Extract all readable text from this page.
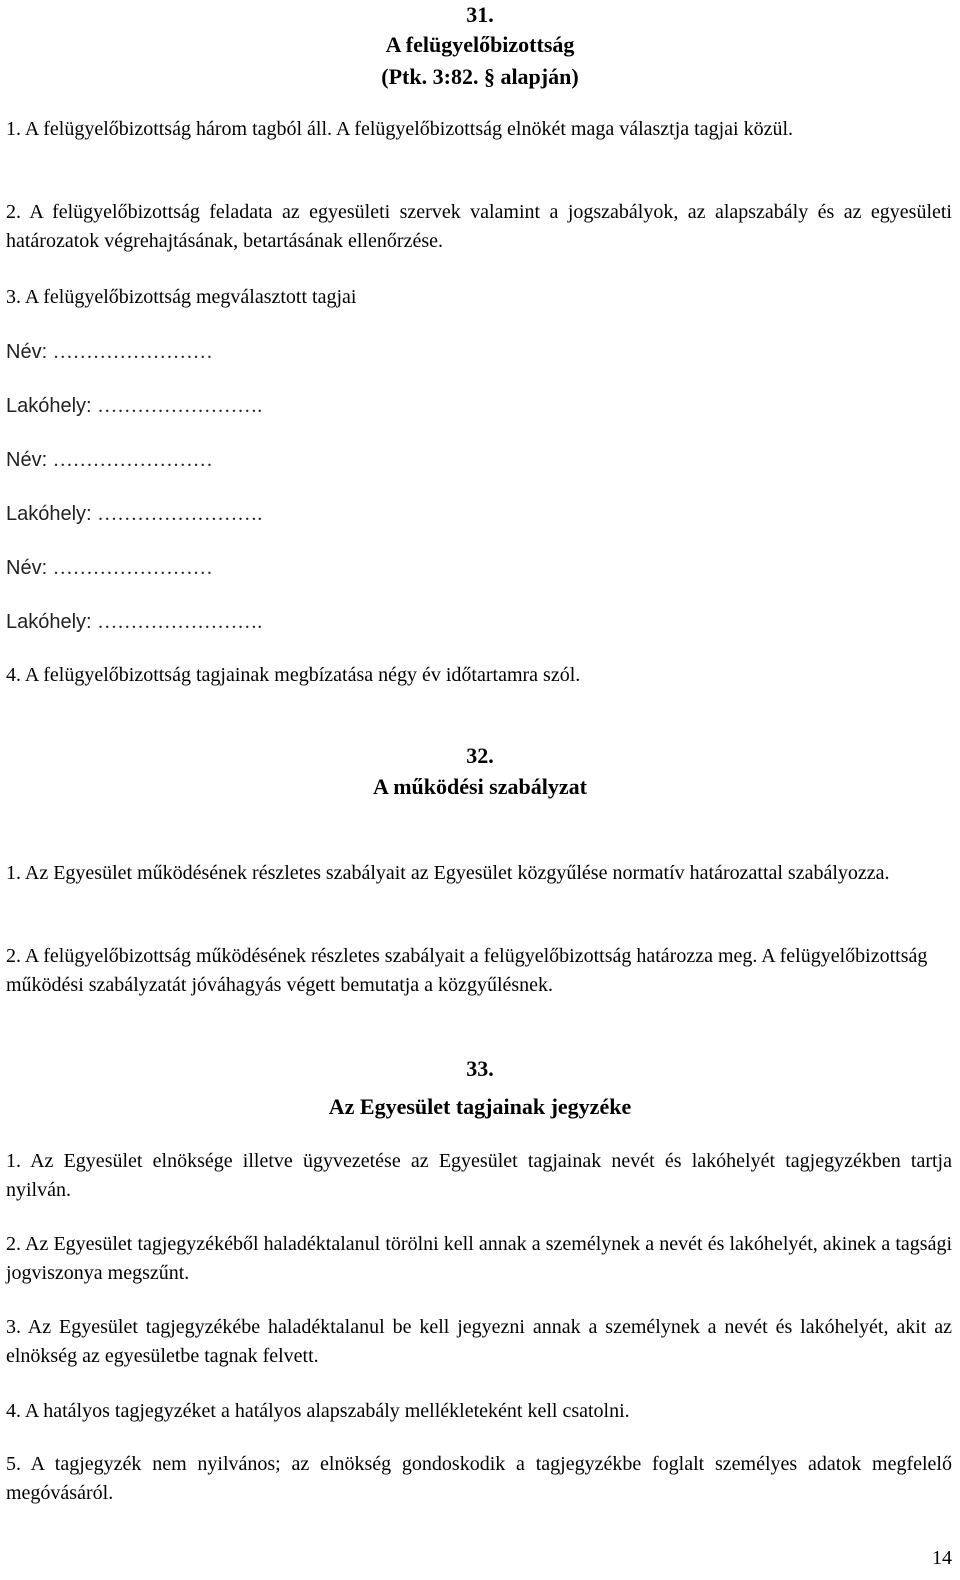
31.
A felügyelőbizottság
(Ptk. 3:82. § alapján)

1. A felügyelőbizottság három tagból áll. A felügyelőbizottság elnökét maga választja tagjai közül.

2. A felügyelőbizottság feladata az egyesületi szervek valamint a jogszabályok, az alapszabály és az egyesületi határozatok végrehajtásának, betartásának ellenőrzése.

3. A felügyelőbizottság megválasztott tagjai

Név: ……………………
Lakóhely: …………………….
Név: ……………………
Lakóhely: …………………….
Név: ……………………
Lakóhely: …………………….

4. A felügyelőbizottság tagjainak megbízatása négy év időtartamra szól.

32.
A működési szabályzat

1. Az Egyesület működésének részletes szabályait az Egyesület közgyűlése normatív határozattal szabályozza.

2. A felügyelőbizottság működésének részletes szabályait a felügyelőbizottság határozza meg. A felügyelőbizottság működési szabályzatát jóváhagyás végett bemutatja a közgyűlésnek.

33.
Az Egyesület tagjainak jegyzéke

1. Az Egyesület elnöksége illetve ügyvezetése az Egyesület tagjainak nevét és lakóhelyét tagjegyzékben tartja nyilván.

2. Az Egyesület tagjegyzékéből haladéktalanul törölni kell annak a személynek a nevét és lakóhelyét, akinek a tagsági jogviszonya megszűnt.

3. Az Egyesület tagjegyzékébe haladéktalanul be kell jegyezni annak a személynek a nevét és lakóhelyét, akit az elnökség az egyesületbe tagnak felvett.

4. A hatályos tagjegyzéket a hatályos alapszabály mellékleteként kell csatolni.

5. A tagjegyzék nem nyilvános; az elnökség gondoskodik a tagjegyzékbe foglalt személyes adatok megfelelő megóvásáról.

14
